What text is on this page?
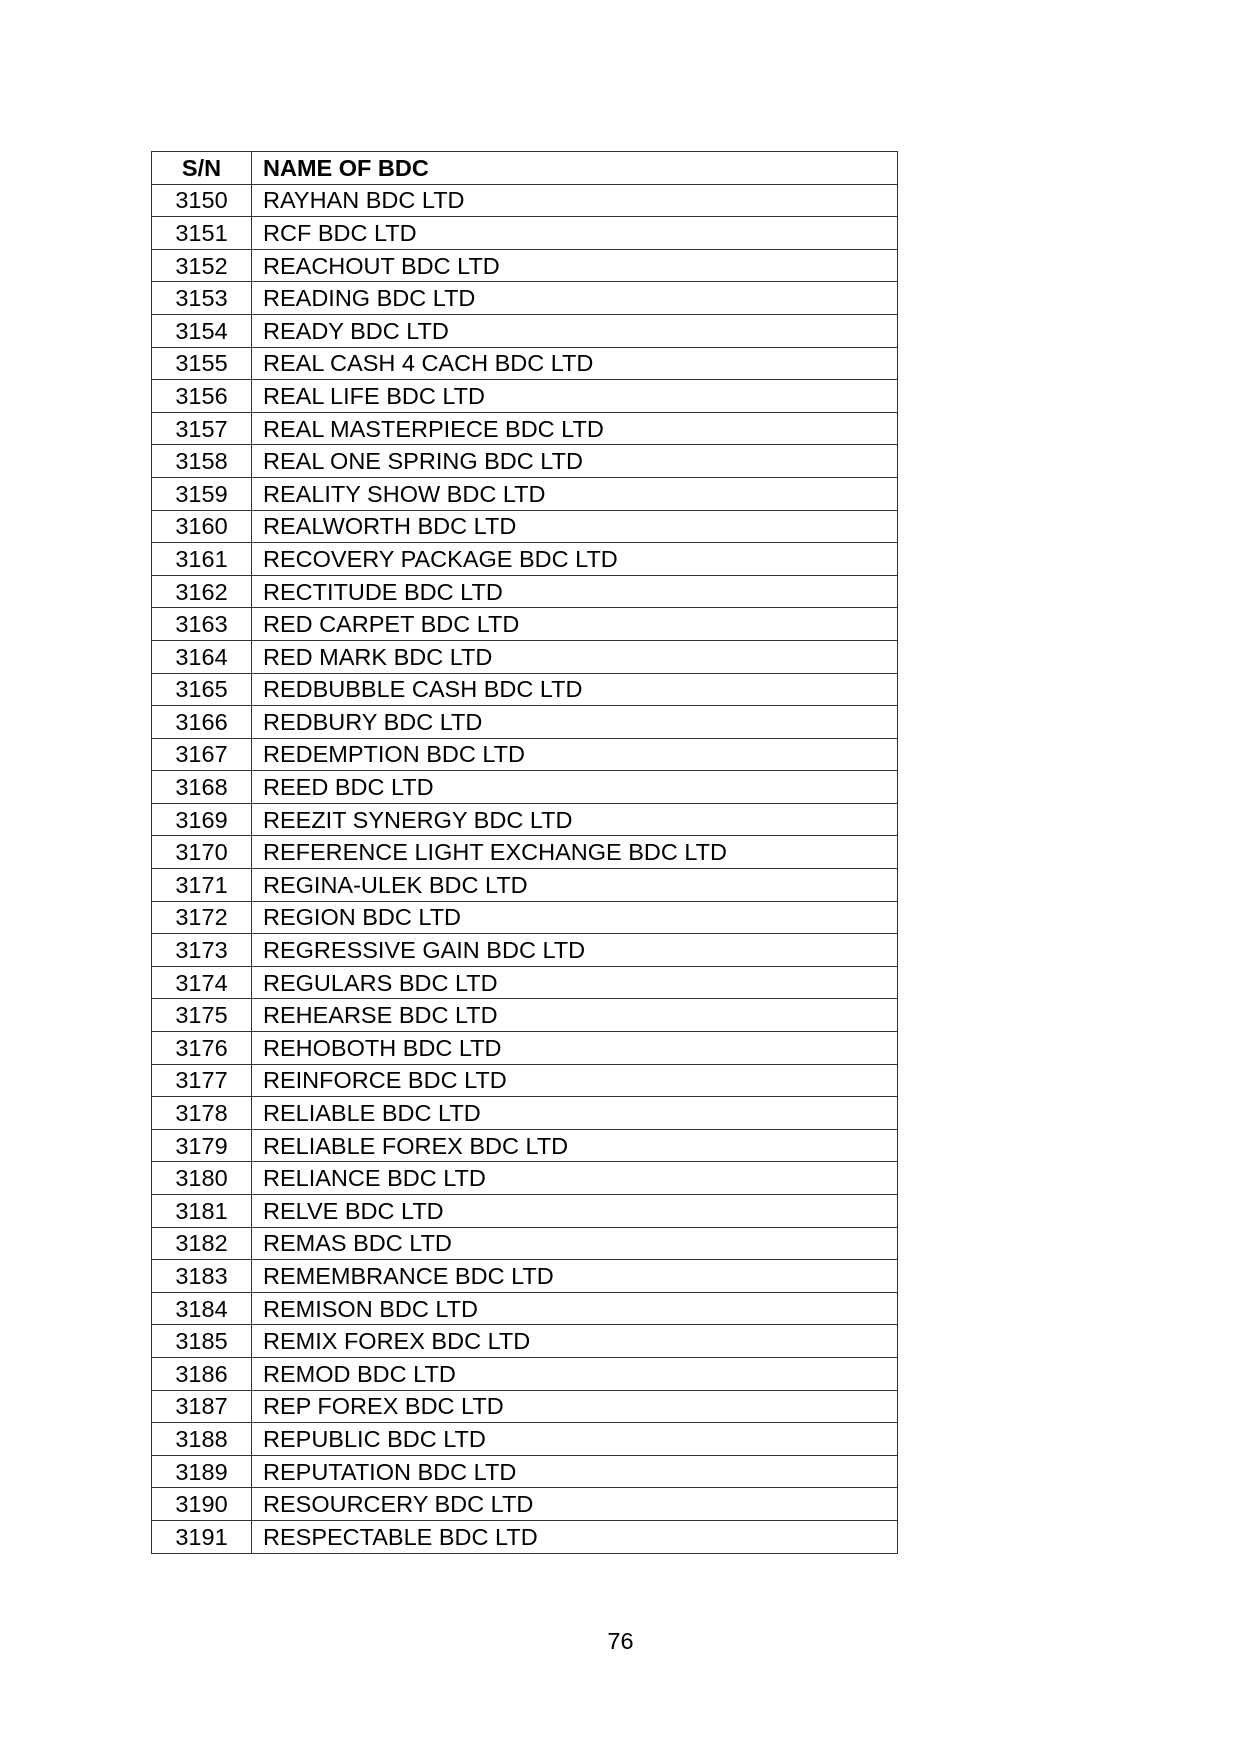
S/N	NAME OF BDC
3150	RAYHAN BDC LTD
3151	RCF BDC LTD
3152	REACHOUT BDC LTD
3153	READING BDC LTD
3154	READY BDC LTD
3155	REAL CASH 4 CACH BDC LTD
3156	REAL LIFE BDC LTD
3157	REAL MASTERPIECE BDC LTD
3158	REAL ONE SPRING BDC LTD
3159	REALITY SHOW BDC LTD
3160	REALWORTH BDC LTD
3161	RECOVERY PACKAGE BDC LTD
3162	RECTITUDE BDC LTD
3163	RED CARPET BDC LTD
3164	RED MARK BDC LTD
3165	REDBUBBLE CASH BDC LTD
3166	REDBURY BDC LTD
3167	REDEMPTION BDC LTD
3168	REED BDC LTD
3169	REEZIT SYNERGY BDC LTD
3170	REFERENCE LIGHT EXCHANGE BDC LTD
3171	REGINA-ULEK BDC LTD
3172	REGION BDC LTD
3173	REGRESSIVE GAIN BDC LTD
3174	REGULARS BDC LTD
3175	REHEARSE BDC LTD
3176	REHOBOTH BDC LTD
3177	REINFORCE BDC LTD
3178	RELIABLE BDC LTD
3179	RELIABLE FOREX BDC LTD
3180	RELIANCE BDC LTD
3181	RELVE BDC LTD
3182	REMAS BDC LTD
3183	REMEMBRANCE BDC LTD
3184	REMISON BDC LTD
3185	REMIX FOREX BDC LTD
3186	REMOD BDC LTD
3187	REP FOREX BDC LTD
3188	REPUBLIC BDC LTD
3189	REPUTATION BDC LTD
3190	RESOURCERY BDC LTD
3191	RESPECTABLE BDC LTD
76
